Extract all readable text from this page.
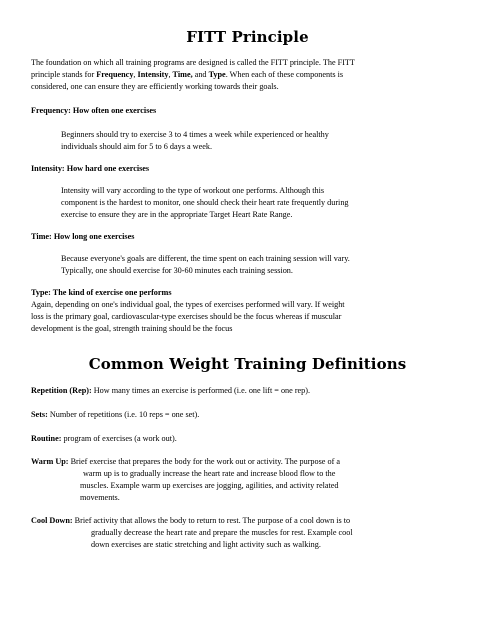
FITT Principle
The foundation on which all training programs are designed is called the FITT principle. The FITT
principle stands for Frequency, Intensity, Time, and Type. When each of these components is
considered, one can ensure they are efficiently working towards their goals.
Frequency: How often one exercises
Beginners should try to exercise 3 to 4 times a week while experienced or healthy
individuals should aim for 5 to 6 days a week.
Intensity: How hard one exercises
Intensity will vary according to the type of workout one performs. Although this
component is the hardest to monitor, one should check their heart rate frequently during
exercise to ensure they are in the appropriate Target Heart Rate Range.
Time: How long one exercises
Because everyone's goals are different, the time spent on each training session will vary.
Typically, one should exercise for 30-60 minutes each training session.
Type: The kind of exercise one performs
Again, depending on one's individual goal, the types of exercises performed will vary. If weight
loss is the primary goal, cardiovascular-type exercises should be the focus whereas if muscular
development is the goal, strength training should be the focus
Common Weight Training Definitions
Repetition (Rep): How many times an exercise is performed (i.e. one lift = one rep).
Sets: Number of repetitions (i.e. 10 reps = one set).
Routine: program of exercises (a work out).
Warm Up: Brief exercise that prepares the body for the work out or activity. The purpose of a
warm up is to gradually increase the heart rate and increase blood flow to the
muscles. Example warm up exercises are jogging, agilities, and activity related
movements.
Cool Down: Brief activity that allows the body to return to rest. The purpose of a cool down is to
gradually decrease the heart rate and prepare the muscles for rest. Example cool
down exercises are static stretching and light activity such as walking.
